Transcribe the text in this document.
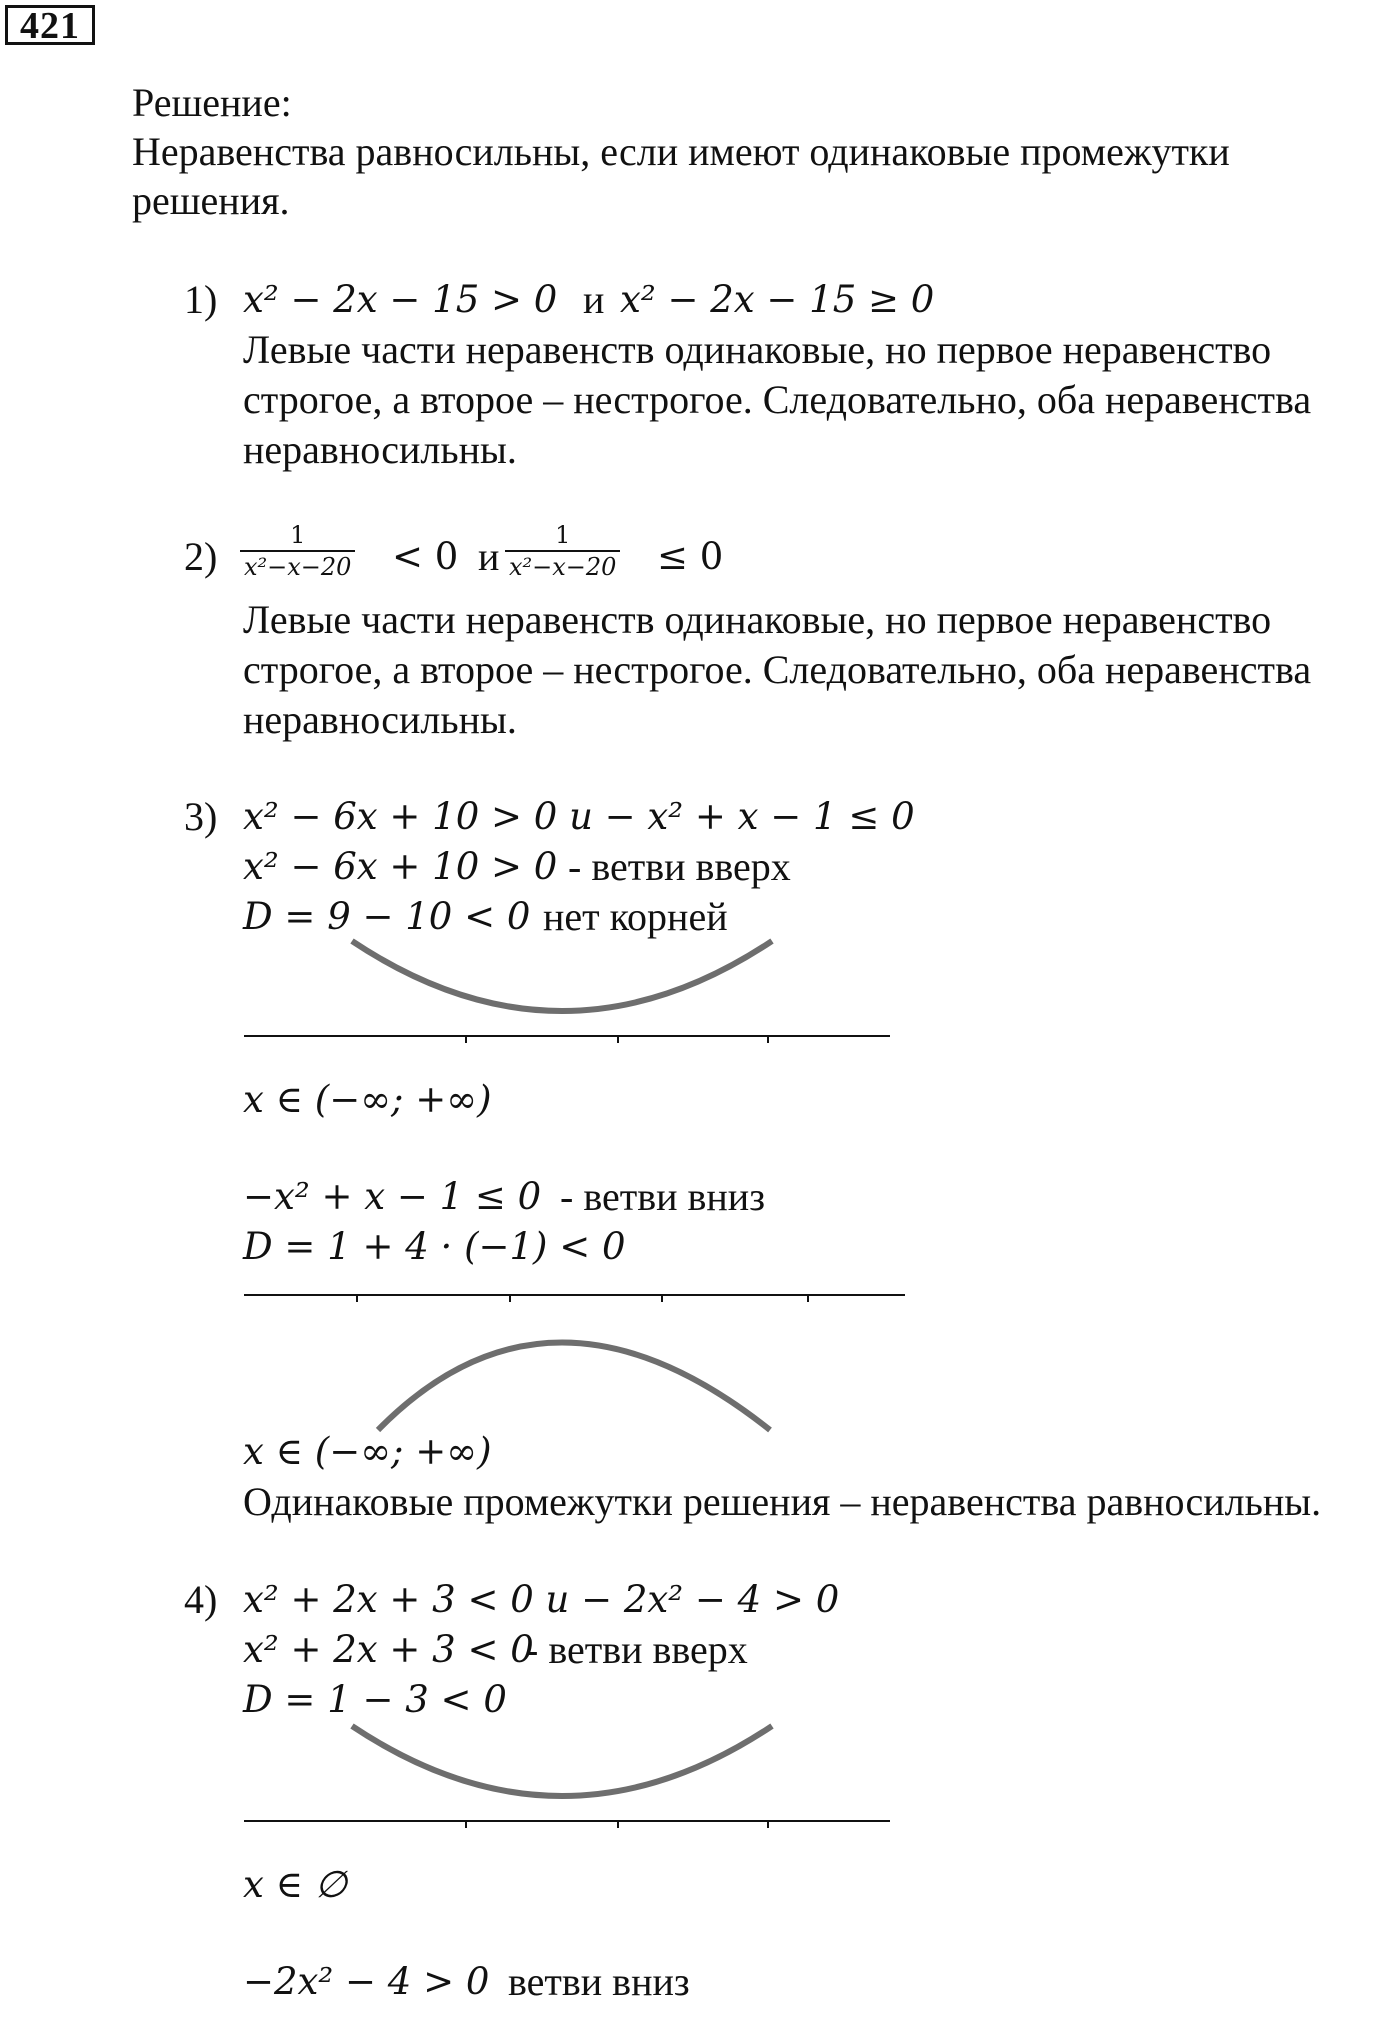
421
Решение:
Неравенства равносильны, если имеют одинаковые промежутки
решения.
1) x² − 2x − 15 > 0 и x² − 2x − 15 ≥ 0
Левые части неравенств одинаковые, но первое неравенство
строгое, а второе – нестрогое. Следовательно, оба неравенства
неравносильны.
$2) \frac{1}{\text{x²−x−20}} < 0$ и $\frac{1}{\text{x²−x−20}} \le 0$
Левые части неравенств одинаковые, но первое неравенство
строгое, а второе – нестрогое. Следовательно, оба неравенства
неравносильны.
3) x² − 6x + 10 > 0 и − x² + x − 1 ≤ 0
x² − 6x + 10 > 0 - ветви вверх
D = 9 − 10 < 0 нет корней
x ∈ (−∞; +∞)
−x² + x − 1 ≤ 0 - ветви вниз
D = 1 + 4 · (−1) < 0
x ∈ (−∞; +∞)
Одинаковые промежутки решения – неравенства равносильны.
4) x² + 2x + 3 < 0 и − 2x² − 4 > 0
x² + 2x + 3 < 0
- ветви вверх
D = 1 − 3 < 0
x ∈ ∅
−2x² − 4 > 0 ветви вниз
